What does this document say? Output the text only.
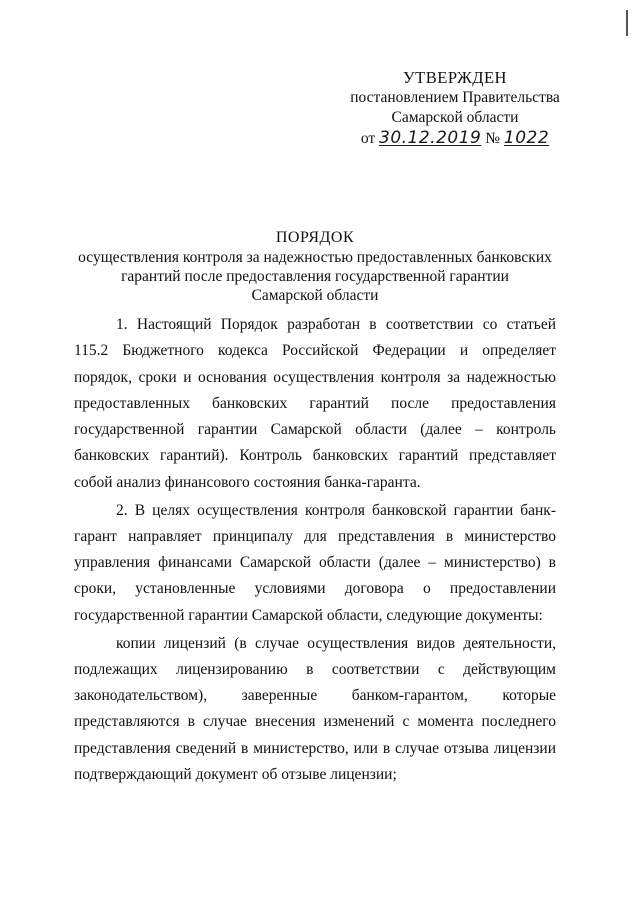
УТВЕРЖДЕН
постановлением Правительства
Самарской области
от 30.12.2019 № 1022
ПОРЯДОК
осуществления контроля за надежностью предоставленных банковских
гарантий после предоставления государственной гарантии
Самарской области

1. Настоящий Порядок разработан в соответствии со статьей 115.2 Бюджетного кодекса Российской Федерации и определяет порядок, сроки и основания осуществления контроля за надежностью предоставленных банковских гарантий после предоставления государственной гарантии Самарской области (далее – контроль банковских гарантий). Контроль банковских гарантий представляет собой анализ финансового состояния банка-гаранта.

2. В целях осуществления контроля банковской гарантии банк-гарант направляет принципалу для представления в министерство управления финансами Самарской области (далее – министерство) в сроки, установленные условиями договора о предоставлении государственной гарантии Самарской области, следующие документы:

копии лицензий (в случае осуществления видов деятельности, подлежащих лицензированию в соответствии с действующим законодательством), заверенные банком-гарантом, которые представляются в случае внесения изменений с момента последнего представления сведений в министерство, или в случае отзыва лицензии подтверждающий документ об отзыве лицензии;
